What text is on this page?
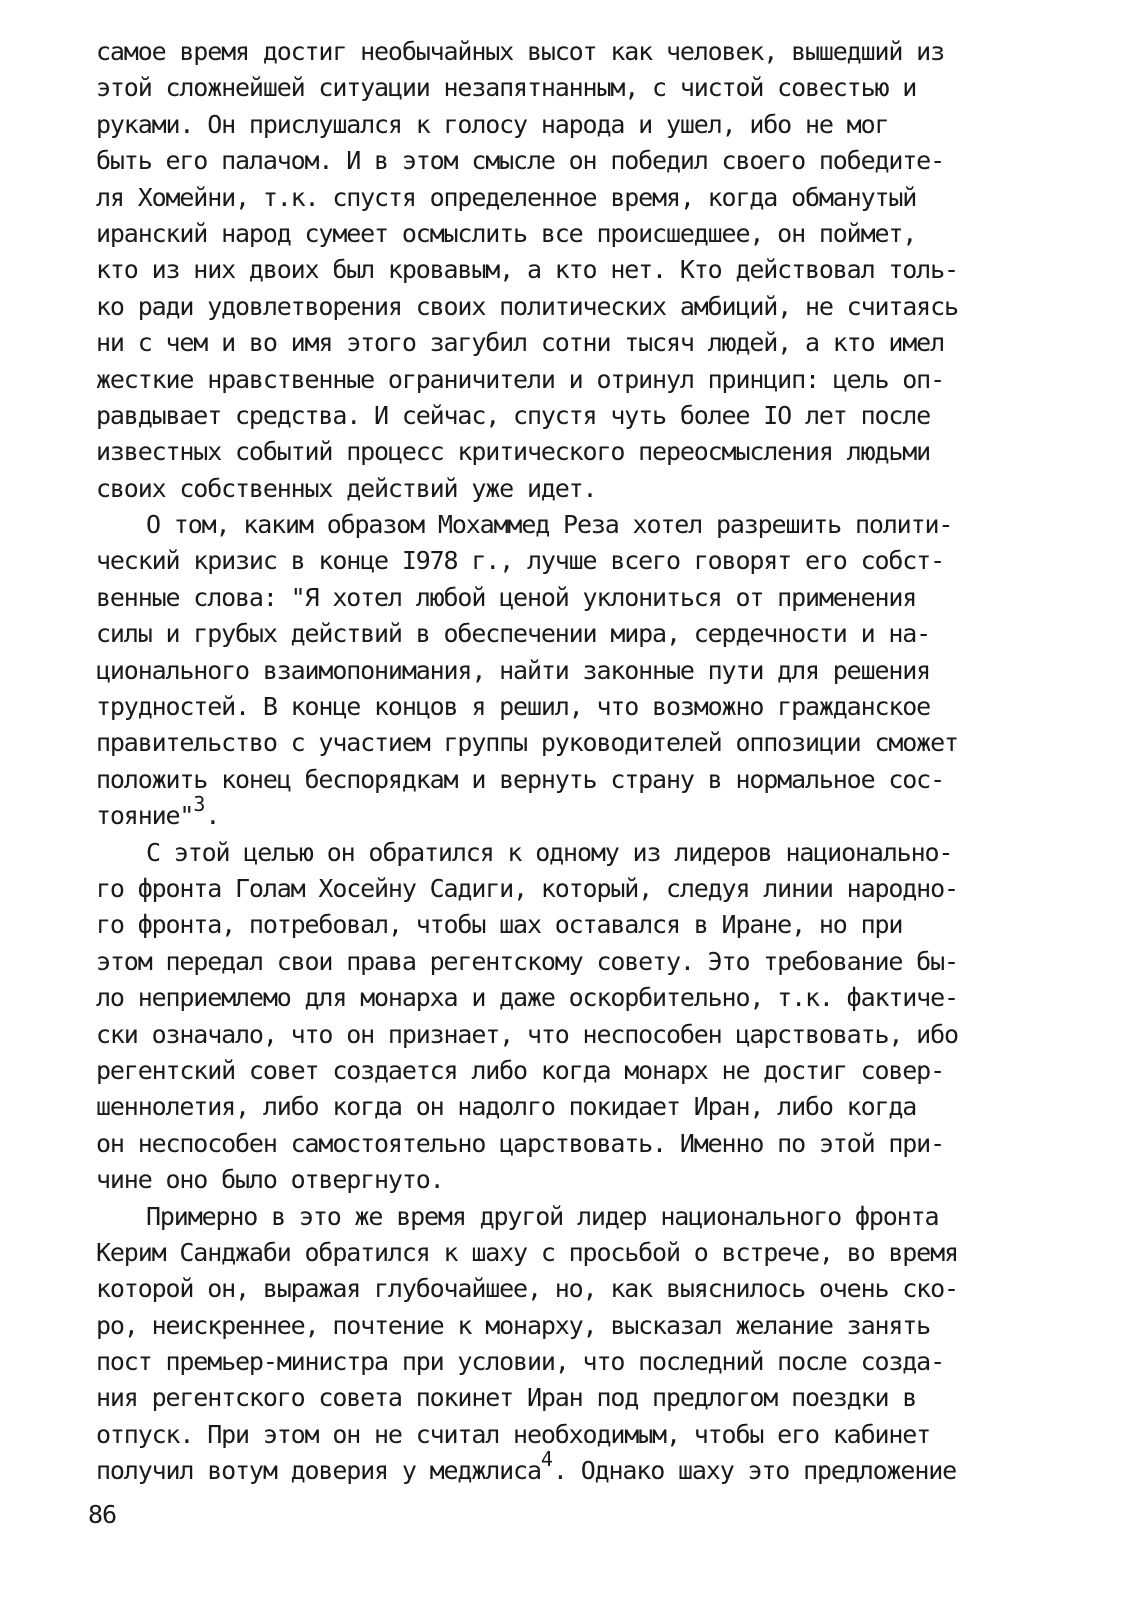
самое время достиг необычайных высот как человек, вышедший из
этой сложнейшей ситуации незапятнанным, с чистой совестью и
руками. Он прислушался к голосу народа и ушел, ибо не мог
быть его палачом. И в этом смысле он победил своего победите-
ля Хомейни, т.к. спустя определенное время, когда обманутый
иранский народ сумеет осмыслить все происшедшее, он поймет,
кто из них двоих был кровавым, а кто нет. Кто действовал толь-
ко ради удовлетворения своих политических амбиций, не считаясь
ни с чем и во имя этого загубил сотни тысяч людей, а кто имел
жесткие нравственные ограничители и отринул принцип: цель оп-
равдывает средства. И сейчас, спустя чуть более IO лет после
известных событий процесс критического переосмысления людьми
своих собственных действий уже идет.
О том, каким образом Мохаммед Реза хотел разрешить полити-
ческий кризис в конце I978 г., лучше всего говорят его собст-
венные слова: "Я хотел любой ценой уклониться от применения
силы и грубых действий в обеспечении мира, сердечности и на-
ционального взаимопонимания, найти законные пути для решения
трудностей. В конце концов я решил, что возможно гражданское
правительство с участием группы руководителей оппозиции сможет
положить конец беспорядкам и вернуть страну в нормальное сос-
тояние"$^3$.
С этой целью он обратился к одному из лидеров национально-
го фронта Голам Хосейну Садиги, который, следуя линии народно-
го фронта, потребовал, чтобы шах оставался в Иране, но при
этом передал свои права регентскому совету. Это требование бы-
ло неприемлемо для монарха и даже оскорбительно, т.к. фактиче-
ски означало, что он признает, что неспособен царствовать, ибо
регентский совет создается либо когда монарх не достиг совер-
шеннолетия, либо когда он надолго покидает Иран, либо когда
он неспособен самостоятельно царствовать. Именно по этой при-
чине оно было отвергнуто.
Примерно в это же время другой лидер национального фронта
Керим Санджаби обратился к шаху с просьбой о встрече, во время
которой он, выражая глубочайшее, но, как выяснилось очень ско-
ро, неискреннее, почтение к монарху, высказал желание занять
пост премьер-министра при условии, что последний после созда-
ния регентского совета покинет Иран под предлогом поездки в
отпуск. При этом он не считал необходимым, чтобы его кабинет
получил вотум доверия у меджлиса$^4$. Однако шаху это предложение
86
